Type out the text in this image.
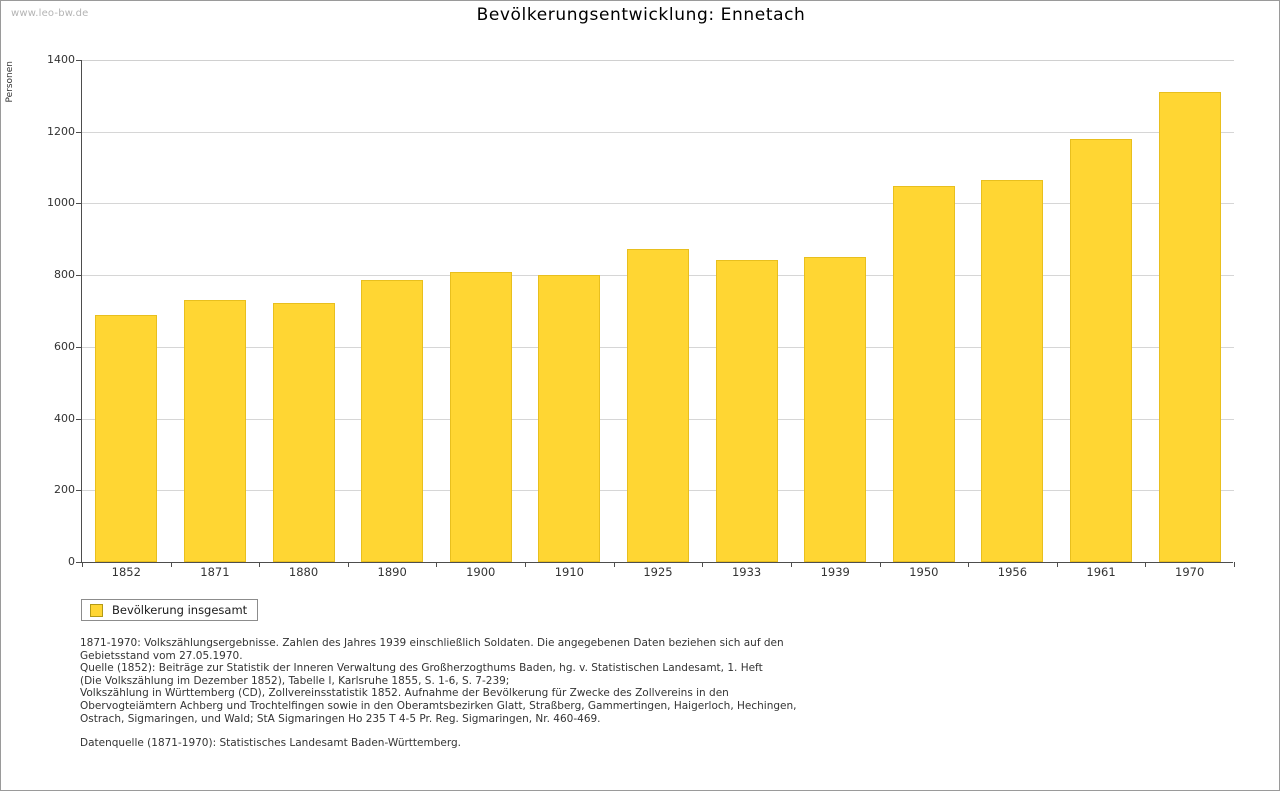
www.leo-bw.de	Bevölkerungsentwicklung: Ennetach
Personen
0
200
400
600
800
1000
1200
1400
1852	1871	1880	1890	1900	1910	1925	1933	1939	1950	1956	1961	1970
Bevölkerung insgesamt

1871-1970: Volkszählungsergebnisse. Zahlen des Jahres 1939 einschließlich Soldaten. Die angegebenen Daten beziehen sich auf den

Gebietsstand vom 27.05.1970.

Quelle (1852): Beiträge zur Statistik der Inneren Verwaltung des Großherzogthums Baden, hg. v. Statistischen Landesamt, 1. Heft

(Die Volkszählung im Dezember 1852), Tabelle I, Karlsruhe 1855, S. 1-6, S. 7-239;

Volkszählung in Württemberg (CD), Zollvereinsstatistik 1852. Aufnahme der Bevölkerung für Zwecke des Zollvereins in den

Obervogteiämtern Achberg und Trochtelfingen sowie in den Oberamtsbezirken Glatt, Straßberg, Gammertingen, Haigerloch, Hechingen,

Ostrach, Sigmaringen, und Wald; StA Sigmaringen Ho 235 T 4-5 Pr. Reg. Sigmaringen, Nr. 460-469.

Datenquelle (1871-1970): Statistisches Landesamt Baden-Württemberg.
